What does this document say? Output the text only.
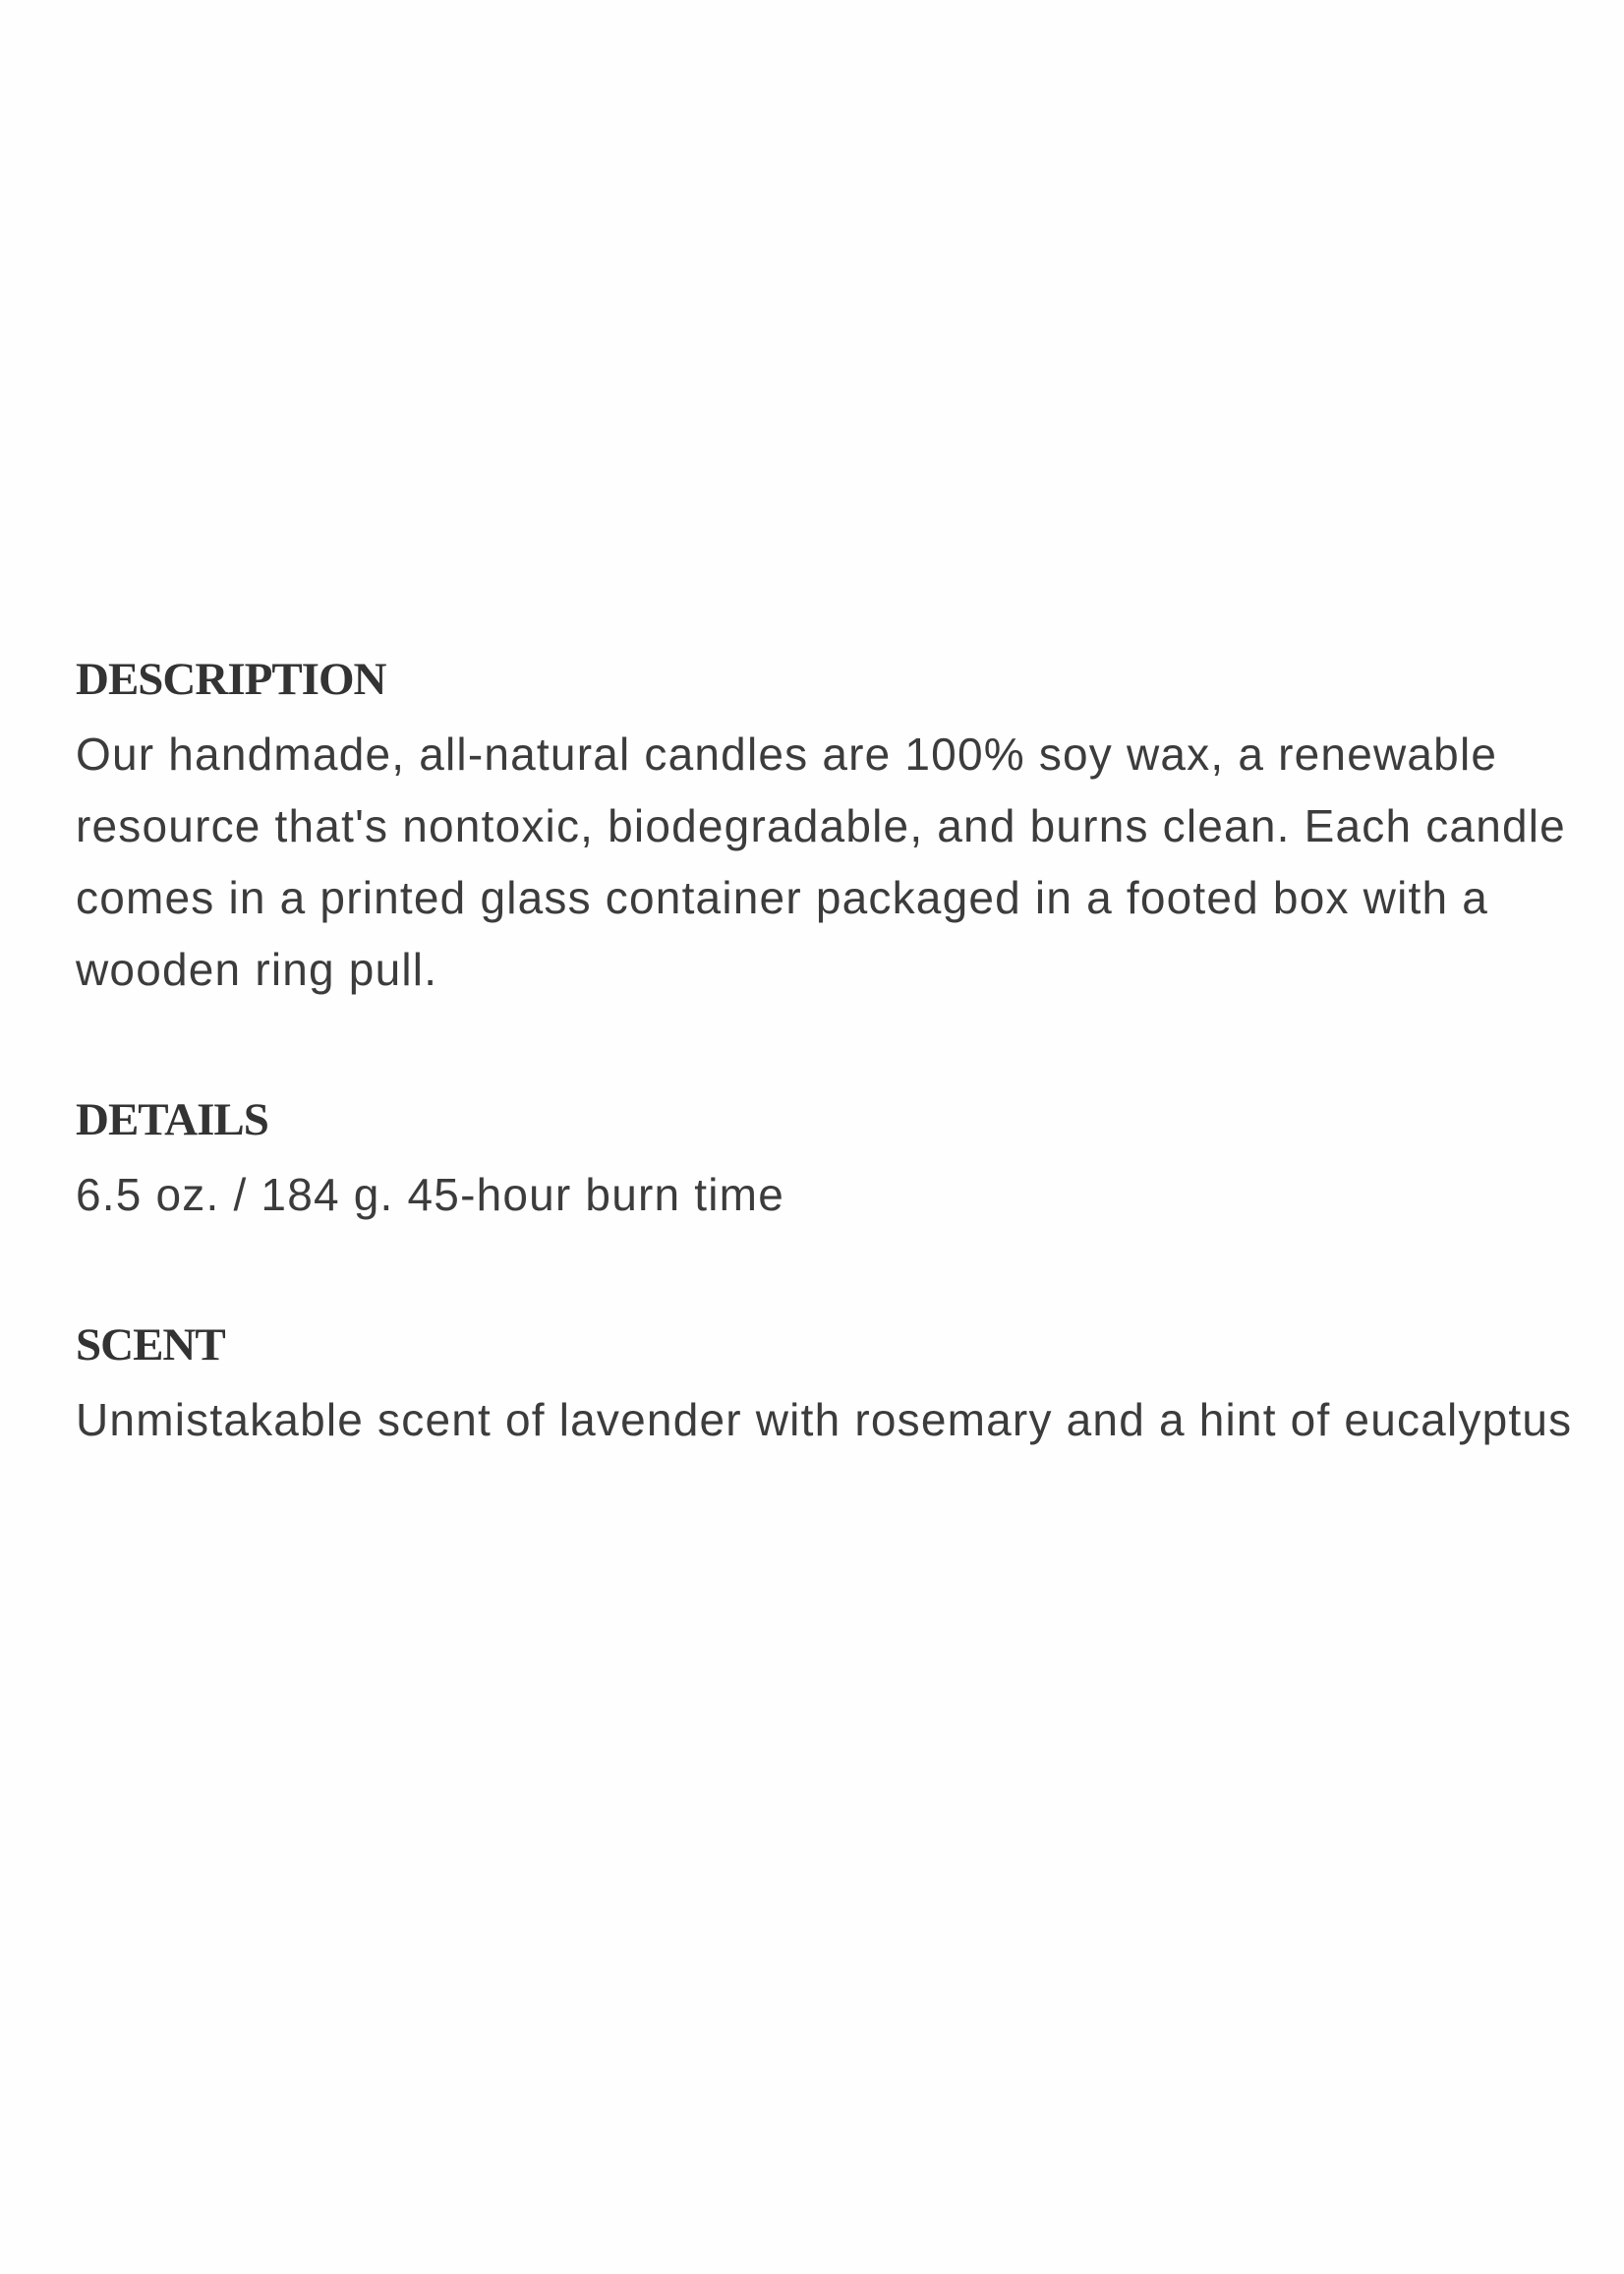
DESCRIPTION

Our handmade, all-natural candles are 100% soy wax, a renewable resource that's nontoxic, biodegradable, and burns clean. Each candle comes in a printed glass container packaged in a footed box with a wooden ring pull.

DETAILS

6.5 oz. / 184 g. 45-hour burn time

SCENT

Unmistakable scent of lavender with rosemary and a hint of eucalyptus
